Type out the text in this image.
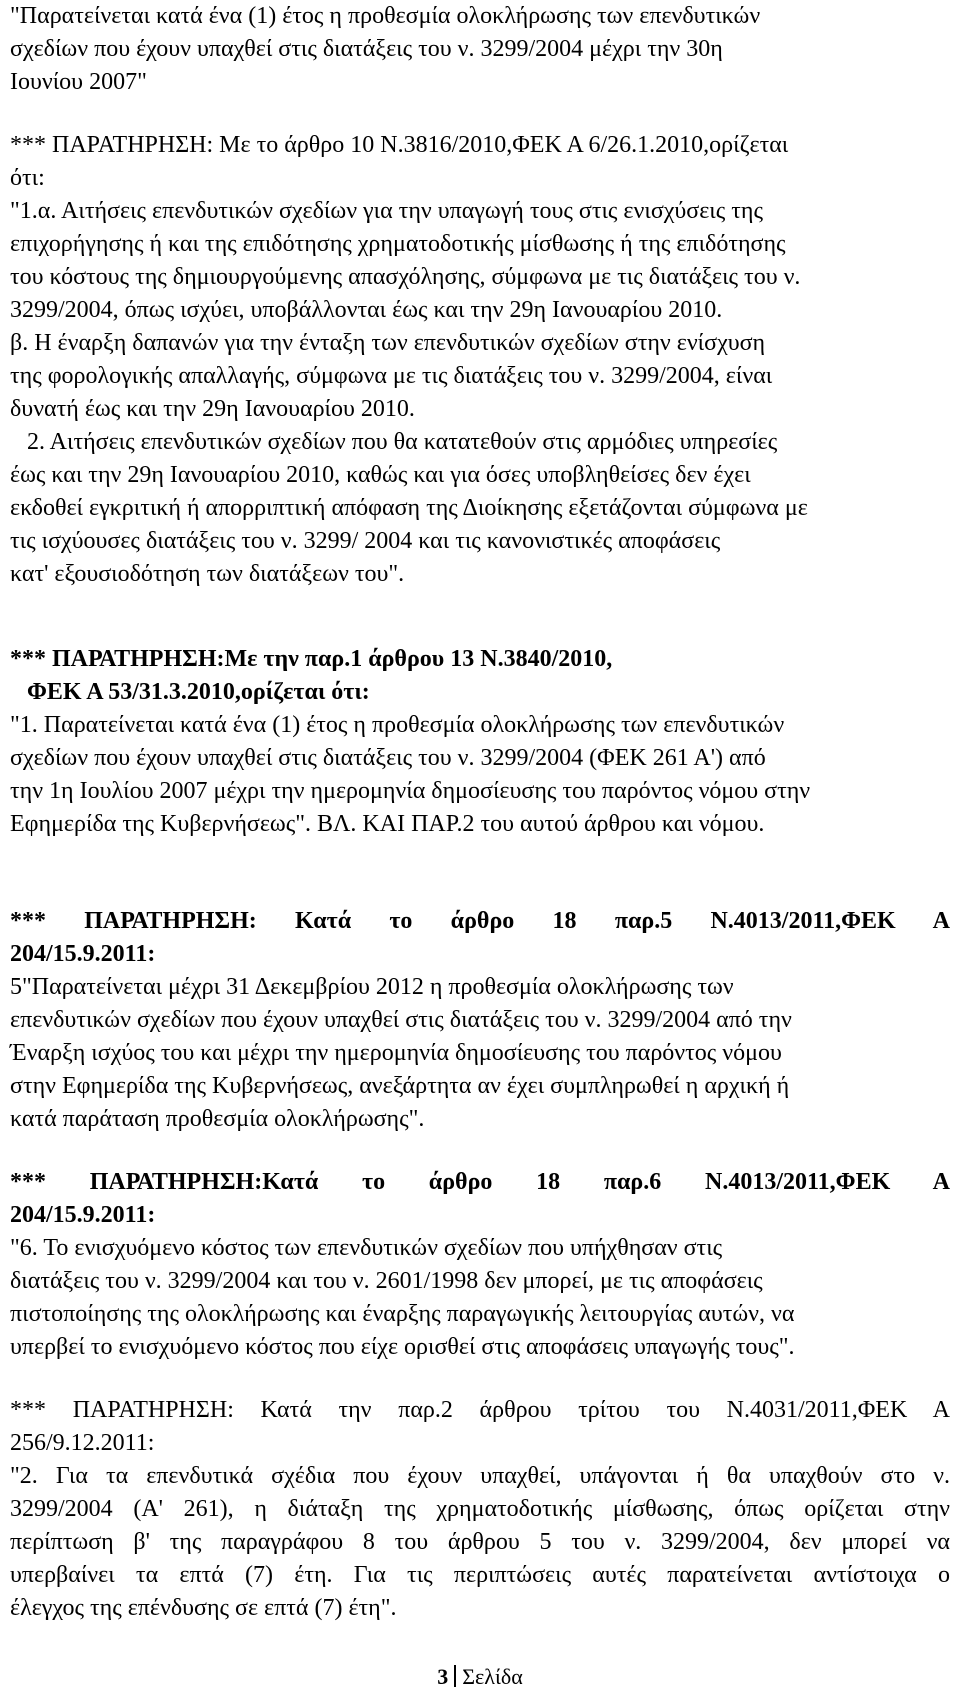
"Παρατείνεται κατά ένα (1) έτος η προθεσμία ολοκλήρωσης των επενδυτικών
σχεδίων που έχουν υπαχθεί στις διατάξεις του ν. 3299/2004 μέχρι την 30η
Ιουνίου 2007"
*** ΠΑΡΑΤΗΡΗΣΗ: Με το άρθρο 10 Ν.3816/2010,ΦΕΚ Α 6/26.1.2010,ορίζεται
ότι:
"1.α. Αιτήσεις επενδυτικών σχεδίων για την υπαγωγή τους στις ενισχύσεις της
επιχορήγησης ή και της επιδότησης χρηματοδοτικής μίσθωσης ή της επιδότησης
του κόστους της δημιουργούμενης απασχόλησης, σύμφωνα με τις διατάξεις του ν.
3299/2004, όπως ισχύει, υποβάλλονται έως και την 29η Ιανουαρίου 2010.
β. Η έναρξη δαπανών για την ένταξη των επενδυτικών σχεδίων στην ενίσχυση
της φορολογικής απαλλαγής, σύμφωνα με τις διατάξεις του ν. 3299/2004, είναι
δυνατή έως και την 29η Ιανουαρίου 2010.
2. Αιτήσεις επενδυτικών σχεδίων που θα κατατεθούν στις αρμόδιες υπηρεσίες
έως και την 29η Ιανουαρίου 2010, καθώς και για όσες υποβληθείσες δεν έχει
εκδοθεί εγκριτική ή απορριπτική απόφαση της Διοίκησης εξετάζονται σύμφωνα με
τις ισχύουσες διατάξεις του ν. 3299/ 2004 και τις κανονιστικές αποφάσεις
κατ' εξουσιοδότηση των διατάξεων του".
*** ΠΑΡΑΤΗΡΗΣΗ:Με την παρ.1 άρθρου 13 Ν.3840/2010,
ΦΕΚ Α 53/31.3.2010,ορίζεται ότι:
"1. Παρατείνεται κατά ένα (1) έτος η προθεσμία ολοκλήρωσης των επενδυτικών
σχεδίων που έχουν υπαχθεί στις διατάξεις του ν. 3299/2004 (ΦΕΚ 261 Α') από
την 1η Ιουλίου 2007 μέχρι την ημερομηνία δημοσίευσης του παρόντος νόμου στην
Εφημερίδα της Κυβερνήσεως". ΒΛ. ΚΑΙ ΠΑΡ.2 του αυτού άρθρου και νόμου.
*** ΠΑΡΑΤΗΡΗΣΗ: Κατά το άρθρο 18 παρ.5 Ν.4013/2011,ΦΕΚ Α
204/15.9.2011:
5"Παρατείνεται μέχρι 31 Δεκεμβρίου 2012 η προθεσμία ολοκλήρωσης των
επενδυτικών σχεδίων που έχουν υπαχθεί στις διατάξεις του ν. 3299/2004 από την
Έναρξη ισχύος του και μέχρι την ημερομηνία δημοσίευσης του παρόντος νόμου
στην Εφημερίδα της Κυβερνήσεως, ανεξάρτητα αν έχει συμπληρωθεί η αρχική ή
κατά παράταση προθεσμία ολοκλήρωσης".
*** ΠΑΡΑΤΗΡΗΣΗ:Κατά το άρθρο 18 παρ.6 Ν.4013/2011,ΦΕΚ Α
204/15.9.2011:
"6. Το ενισχυόμενο κόστος των επενδυτικών σχεδίων που υπήχθησαν στις
διατάξεις του ν. 3299/2004 και του ν. 2601/1998 δεν μπορεί, με τις αποφάσεις
πιστοποίησης της ολοκλήρωσης και έναρξης παραγωγικής λειτουργίας αυτών, να
υπερβεί το ενισχυόμενο κόστος που είχε ορισθεί στις αποφάσεις υπαγωγής τους".
*** ΠΑΡΑΤΗΡΗΣΗ: Κατά την παρ.2 άρθρου τρίτου του Ν.4031/2011,ΦΕΚ Α
256/9.12.2011:
"2. Για τα επενδυτικά σχέδια που έχουν υπαχθεί, υπάγονται ή θα υπαχθούν στο ν.
3299/2004 (Α' 261), η διάταξη της χρηματοδοτικής μίσθωσης, όπως ορίζεται στην
περίπτωση β' της παραγράφου 8 του άρθρου 5 του ν. 3299/2004, δεν μπορεί να
υπερβαίνει τα επτά (7) έτη. Για τις περιπτώσεις αυτές παρατείνεται αντίστοιχα ο
έλεγχος της επένδυσης σε επτά (7) έτη".
3 Σελίδα
